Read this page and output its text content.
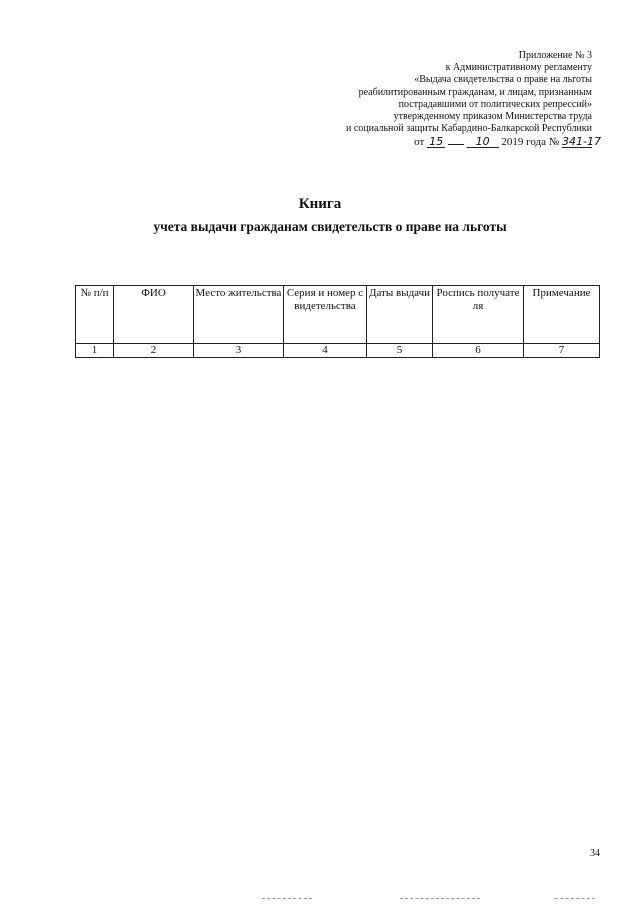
Приложение № 3
к Административному регламенту
«Выдача свидетельства о праве на льготы
реабилитированным гражданам, и лицам, признанным
пострадавшими от политических репрессий»
утвержденному приказом Министерства труда
и социальной защиты Кабардино-Балкарской Республики
от 15	10 2019 года № 341-17
Книга
учета выдачи гражданам свидетельств о праве на льготы
№ п/п	ФИО	Место жительства	Серия и номер свидетельства	Даты выдачи	Роспись получателя	Примечание
1	2	3	4	5	6	7
34
